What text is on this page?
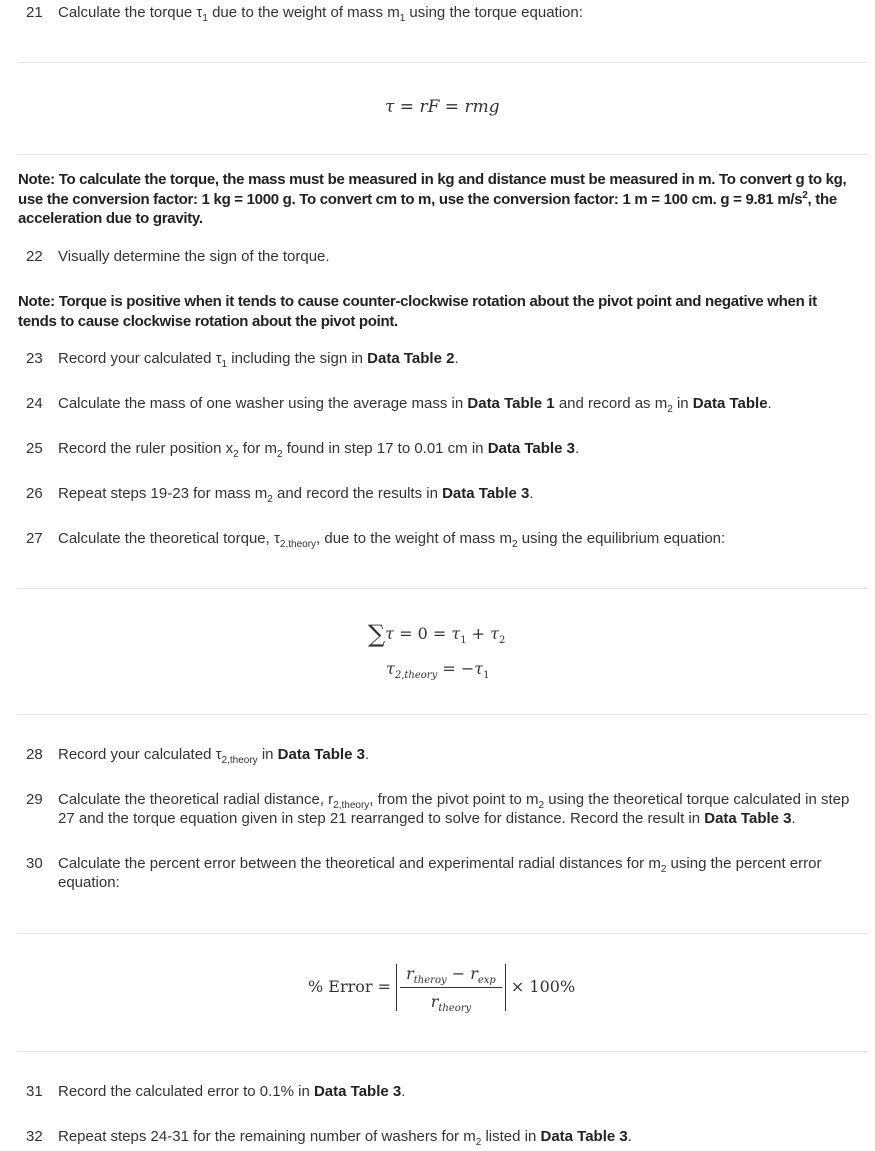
21	Calculate the torque $\tau_1$ due to the weight of mass $m_1$ using the torque equation:
τ = rF = rmg
Note: To calculate the torque, the mass must be measured in kg and distance must be measured in m. To convert g to kg, use the conversion factor: 1 kg = 1000 g. To convert cm to m, use the conversion factor: 1 m = 100 cm. g = 9.81 $m/s^2$, the acceleration due to gravity.
22	Visually determine the sign of the torque.
Note: Torque is positive when it tends to cause counter-clockwise rotation about the pivot point and negative when it tends to cause clockwise rotation about the pivot point.
23	Record your calculated $\tau_1$ including the sign in Data Table 2.
24	Calculate the mass of one washer using the average mass in Data Table 1 and record as $m_2$ in Data Table.
25	Record the ruler position $x_2$ for $m_2$ found in step 17 to 0.01 cm in Data Table 3.
26	Repeat steps 19-23 for mass $m_2$ and record the results in Data Table 3.
27	Calculate the theoretical torque, $\tau_{2,theory}$, due to the weight of mass $m_2$ using the equilibrium equation:
$\sum\tau = 0 = \tau_1 + \tau_2$
$\tau_{2,theory} = -\tau_1$
28	Record your calculated $\tau_{2,theory}$ in Data Table 3.
29	Calculate the theoretical radial distance, $r_{2,theory}$, from the pivot point to $m_2$ using the theoretical torque calculated in step 27 and the torque equation given in step 21 rearranged to solve for distance. Record the result in Data Table 3.
30	Calculate the percent error between the theoretical and experimental radial distances for $m_2$ using the percent error equation:
% Error = $\frac{r_{theroy} - r_{exp}}{r_{theory}} \times 100\%$
31	Record the calculated error to 0.1% in Data Table 3.
32	Repeat steps 24-31 for the remaining number of washers for $m_2$ listed in Data Table 3.
